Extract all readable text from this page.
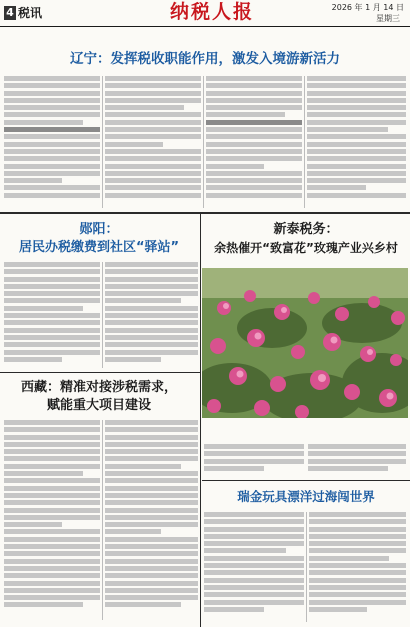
4 税讯	纳税人报	2026 年 1 月 14 日
星期三
辽宁：发挥税收职能作用，激发入境游新活力

郧阳：
居民办税缴费到社区“驿站”

西藏：精准对接涉税需求，
赋能重大项目建设

新泰税务：
余热催开“致富花”玫瑰产业兴乡村

瑞金玩具漂洋过海闯世界
